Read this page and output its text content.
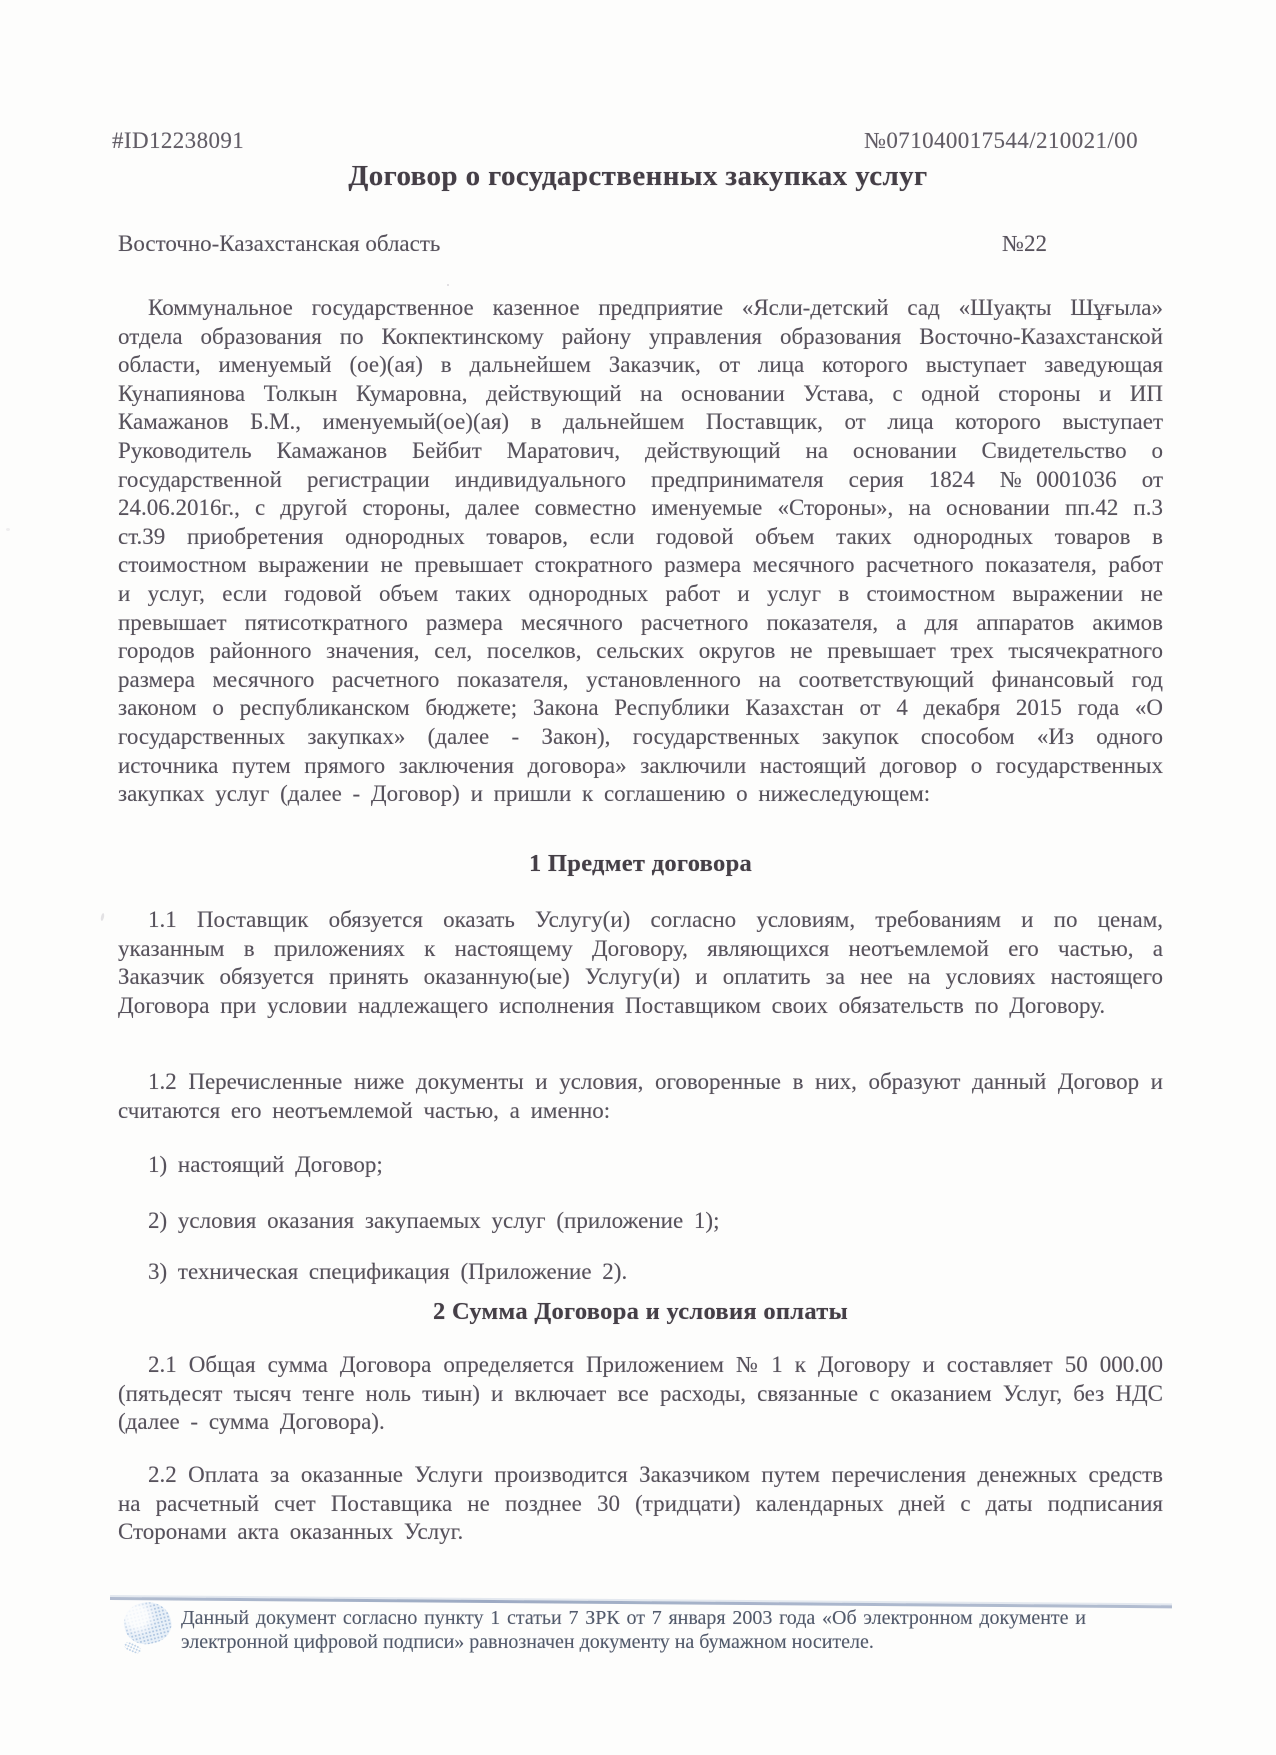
#ID12238091	№071040017544/210021/00
Договор о государственных закупках услуг
Восточно-Казахстанская область	№22

Коммунальное государственное казенное предприятие «Ясли-детский сад «Шуақты Шұғыла» отдела образования по Кокпектинскому району управления образования Восточно-Казахстанской области, именуемый (ое)(ая) в дальнейшем Заказчик, от лица которого выступает заведующая Кунапиянова Толкын Кумаровна, действующий на основании Устава, с одной стороны и ИП Камажанов Б.М., именуемый(ое)(ая) в дальнейшем Поставщик, от лица которого выступает Руководитель Камажанов Бейбит Маратович, действующий на основании Свидетельство о государственной регистрации индивидуального предпринимателя серия 1824 №0001036 от 24.06.2016г., с другой стороны, далее совместно именуемые «Стороны», на основании пп.42 п.3 ст.39 приобретения однородных товаров, если годовой объем таких однородных товаров в стоимостном выражении не превышает стократного размера месячного расчетного показателя, работ и услуг, если годовой объем таких однородных работ и услуг в стоимостном выражении не превышает пятисоткратного размера месячного расчетного показателя, а для аппаратов акимов городов районного значения, сел, поселков, сельских округов не превышает трех тысячекратного размера месячного расчетного показателя, установленного на соответствующий финансовый год законом о республиканском бюджете; Закона Республики Казахстан от 4 декабря 2015 года «О государственных закупках» (далее - Закон), государственных закупок способом «Из одного источника путем прямого заключения договора» заключили настоящий договор о государственных закупках услуг (далее - Договор) и пришли к соглашению о нижеследующем:

1 Предмет договора

1.1 Поставщик обязуется оказать Услугу(и) согласно условиям, требованиям и по ценам, указанным в приложениях к настоящему Договору, являющихся неотъемлемой его частью, а Заказчик обязуется принять оказанную(ые) Услугу(и) и оплатить за нее на условиях настоящего Договора при условии надлежащего исполнения Поставщиком своих обязательств по Договору.

1.2 Перечисленные ниже документы и условия, оговоренные в них, образуют данный Договор и считаются его неотъемлемой частью, а именно:

1) настоящий Договор;

2) условия оказания закупаемых услуг (приложение 1);

3) техническая спецификация (Приложение 2).

2 Сумма Договора и условия оплаты

2.1 Общая сумма Договора определяется Приложением № 1 к Договору и составляет 50 000.00 (пятьдесят тысяч тенге ноль тиын) и включает все расходы, связанные с оказанием Услуг, без НДС (далее - сумма Договора).

2.2 Оплата за оказанные Услуги производится Заказчиком путем перечисления денежных средств на расчетный счет Поставщика не позднее 30 (тридцати) календарных дней с даты подписания Сторонами акта оказанных Услуг.

Данный документ согласно пункту 1 статьи 7 ЗРК от 7 января 2003 года «Об электронном документе и электронной цифровой подписи» равнозначен документу на бумажном носителе.
